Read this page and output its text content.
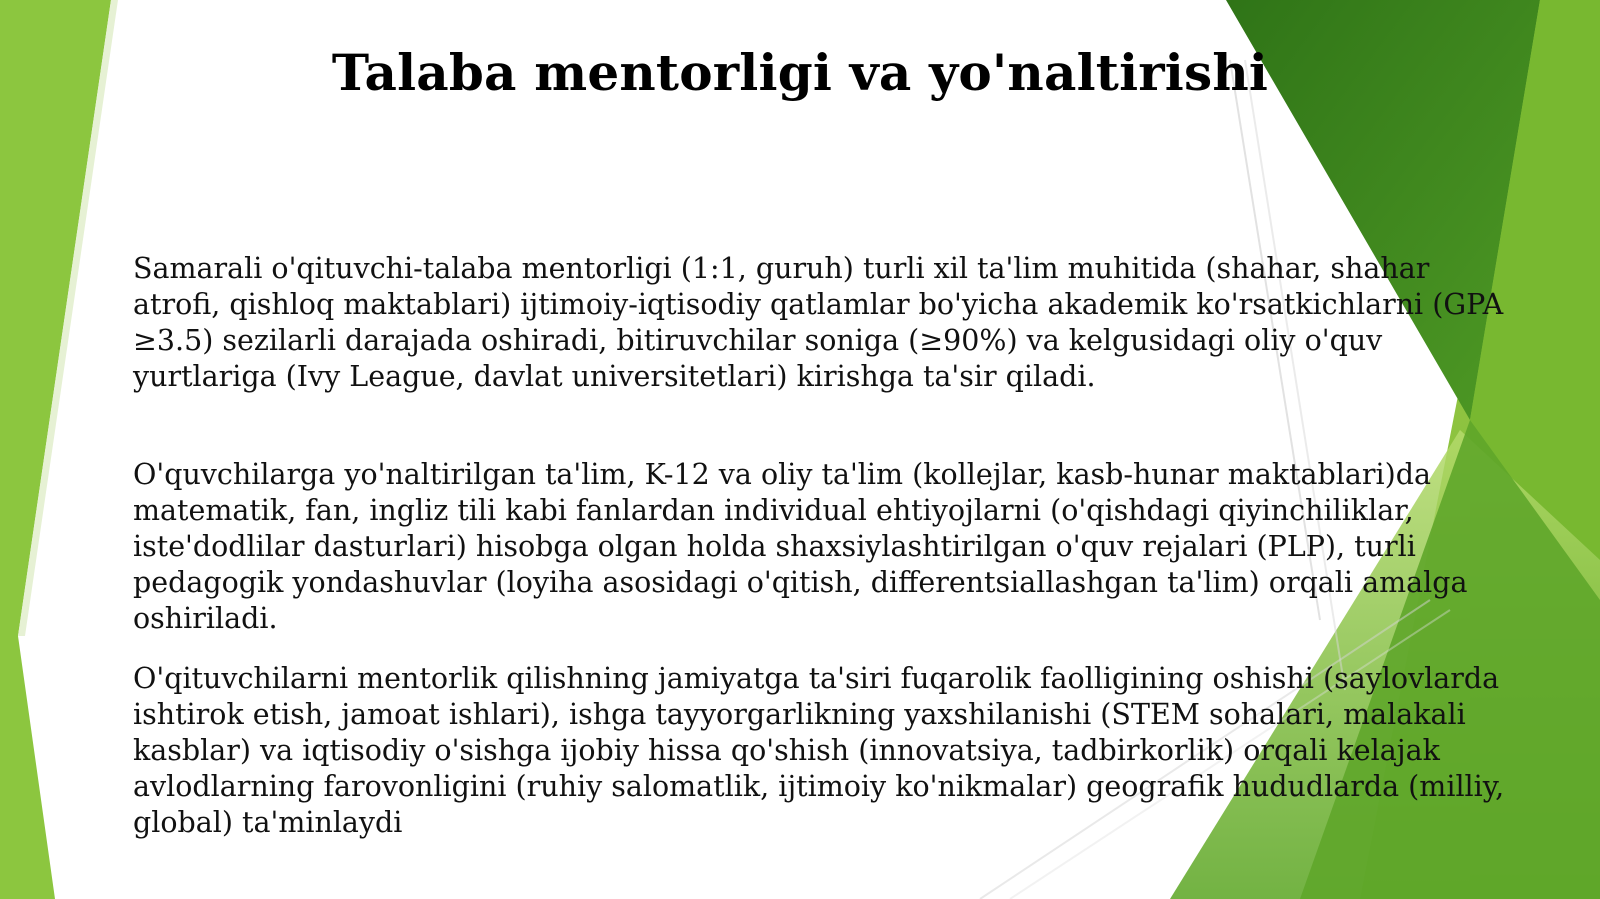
Talaba mentorligi va yo'naltirishi

Samarali o'qituvchi-talaba mentorligi (1:1, guruh) turli xil ta'lim muhitida (shahar, shahar atrofi, qishloq maktablari) ijtimoiy-iqtisodiy qatlamlar bo'yicha akademik ko'rsatkichlarni (GPA ≥3.5) sezilarli darajada oshiradi, bitiruvchilar soniga (≥90%) va kelgusidagi oliy o'quv yurtlariga (Ivy League, davlat universitetlari) kirishga ta'sir qiladi.

O'quvchilarga yo'naltirilgan ta'lim, K-12 va oliy ta'lim (kollejlar, kasb-hunar maktablari)da matematik, fan, ingliz tili kabi fanlardan individual ehtiyojlarni (o'qishdagi qiyinchiliklar, iste'dodlilar dasturlari) hisobga olgan holda shaxsiylashtirilgan o'quv rejalari (PLP), turli pedagogik yondashuvlar (loyiha asosidagi o'qitish, differentsiallashgan ta'lim) orqali amalga oshiriladi.

O'qituvchilarni mentorlik qilishning jamiyatga ta'siri fuqarolik faolligining oshishi (saylovlarda ishtirok etish, jamoat ishlari), ishga tayyorgarlikning yaxshilanishi (STEM sohalari, malakali kasblar) va iqtisodiy o'sishga ijobiy hissa qo'shish (innovatsiya, tadbirkorlik) orqali kelajak avlodlarning farovonligini (ruhiy salomatlik, ijtimoiy ko'nikmalar) geografik hududlarda (milliy, global) ta'minlaydi
